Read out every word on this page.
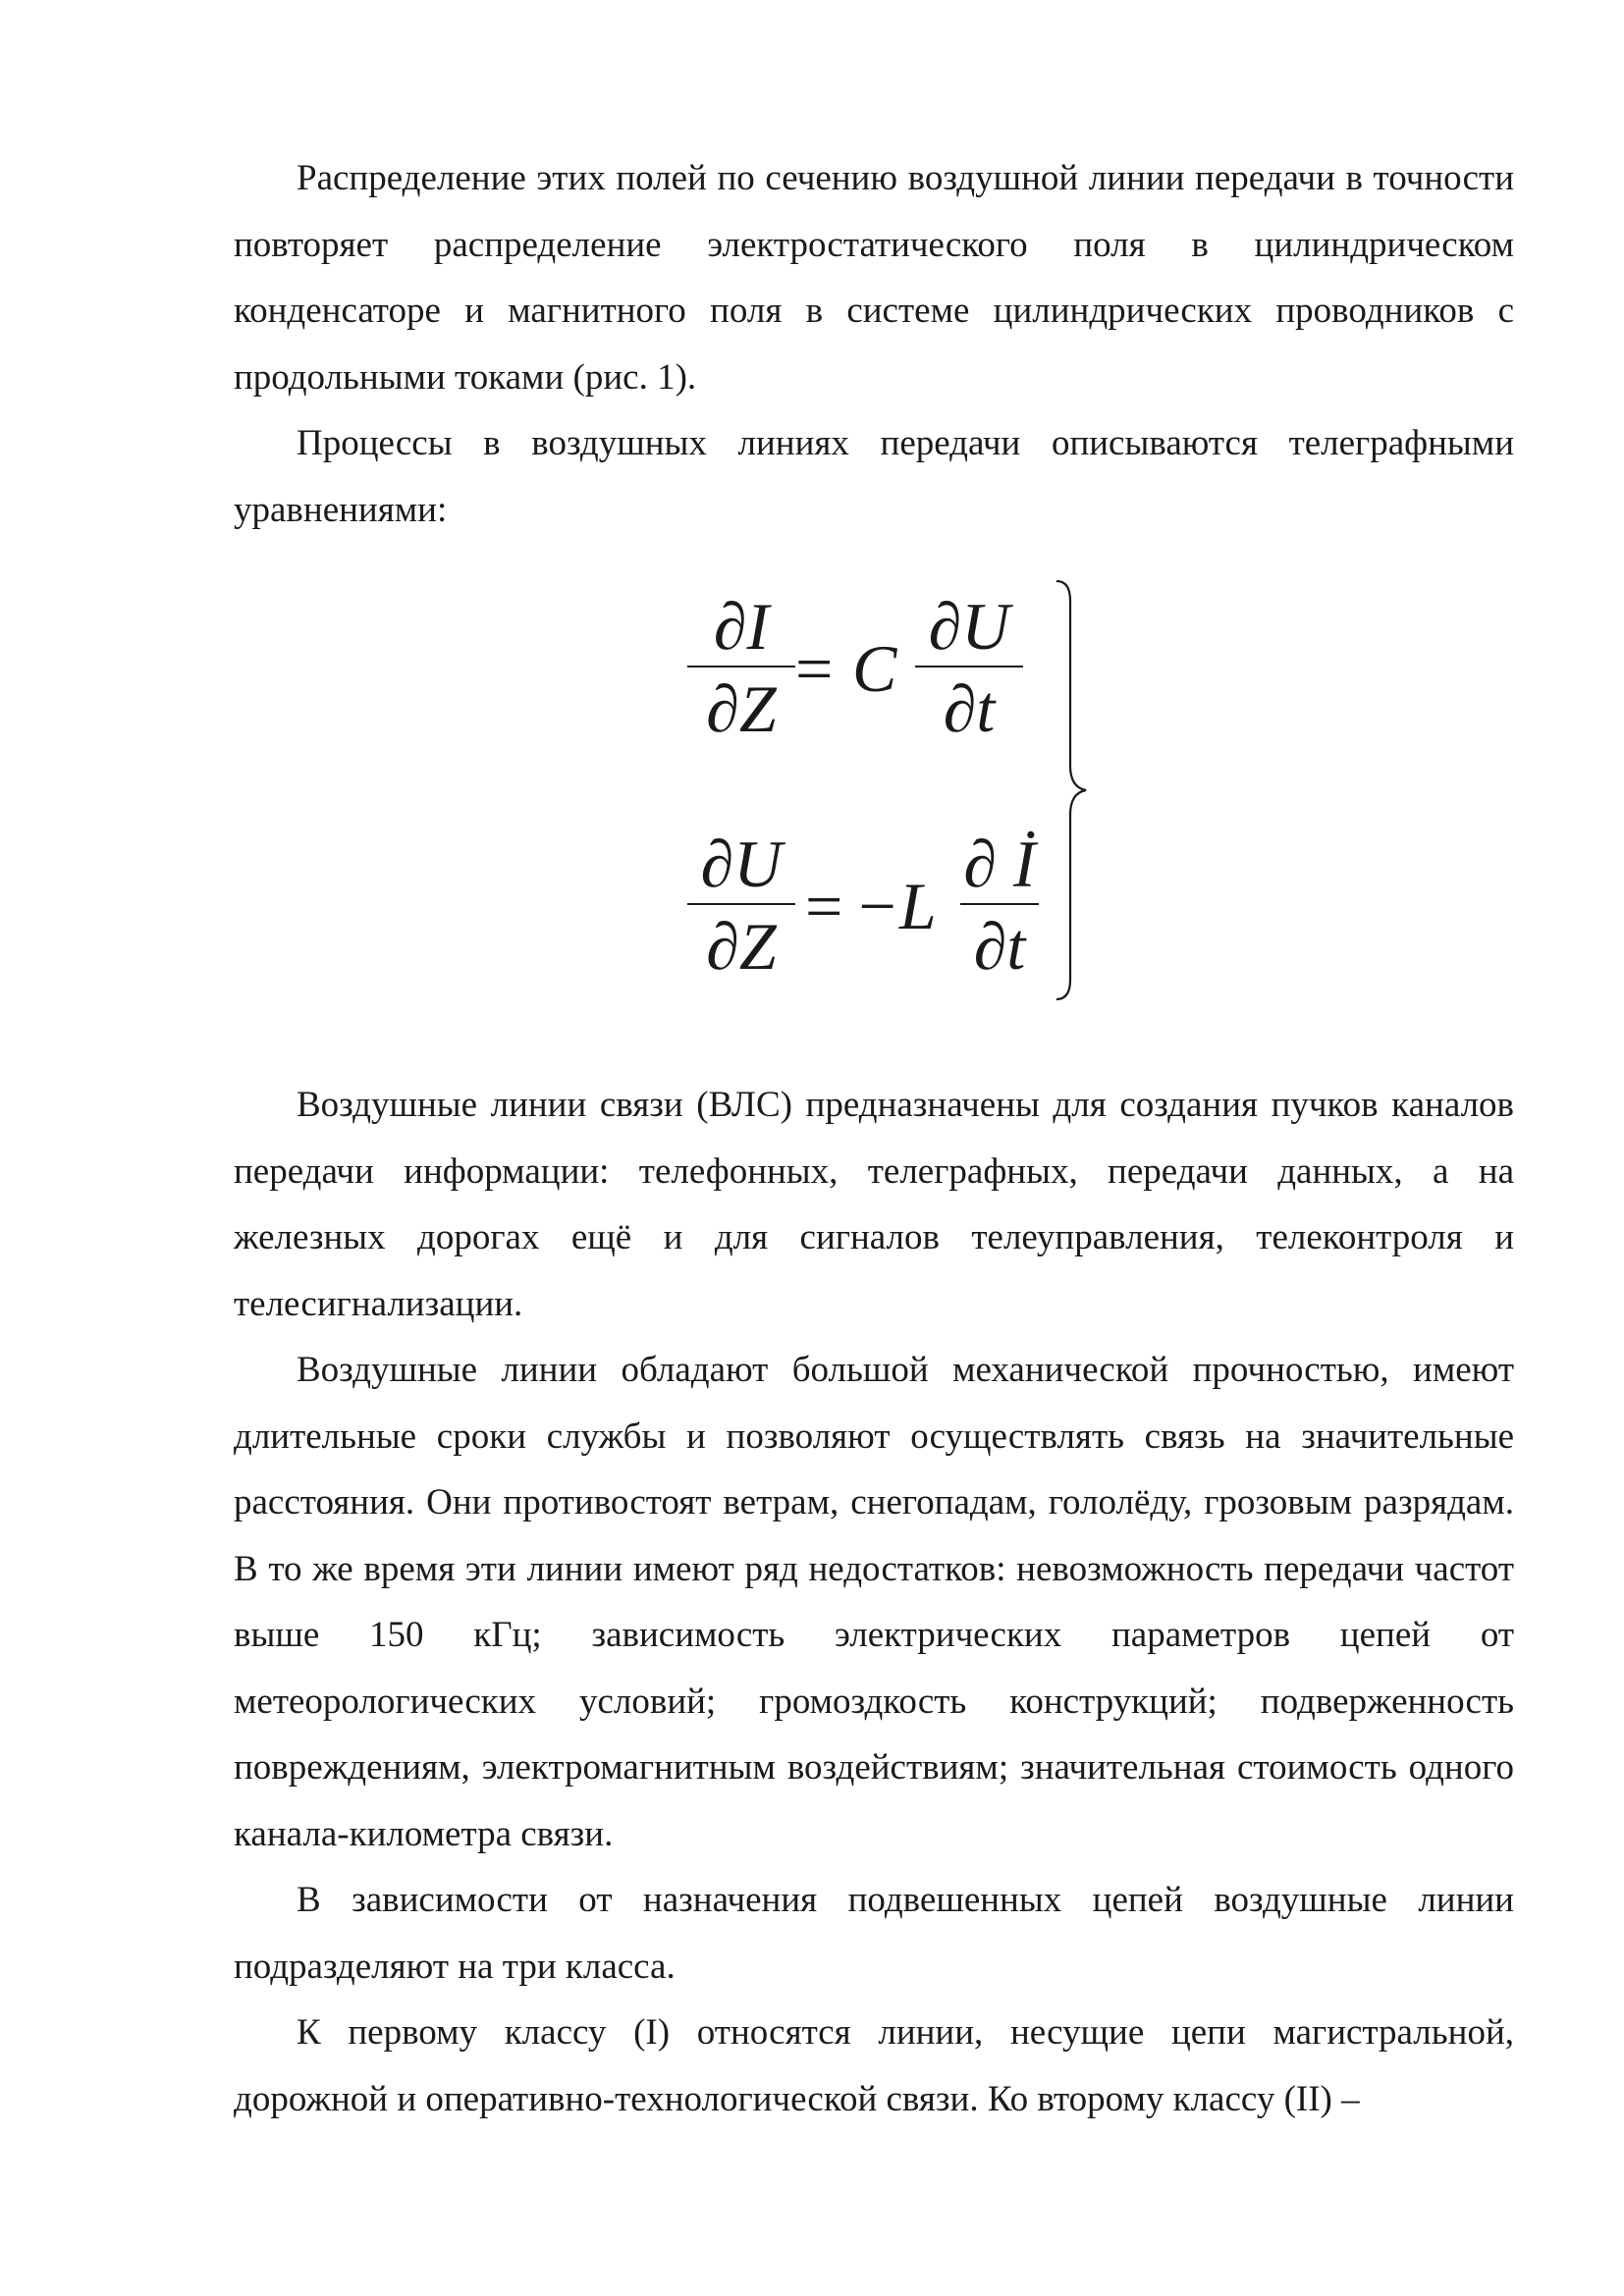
Распределение этих полей по сечению воздушной линии передачи в точности повторяет распределение электростатического поля в цилиндрическом конденсаторе и магнитного поля в системе цилиндрических проводников с продольными токами (рис. 1).

Процессы в воздушных линиях передачи описываются телеграфными уравнениями:

∂I
∂Z
= C
∂U
∂t
∂U
∂Z
= −L
∂ İ
∂t

Воздушные линии связи (ВЛС) предназначены для создания пучков каналов передачи информации: телефонных, телеграфных, передачи данных, а на железных дорогах ещё и для сигналов телеуправления, телеконтроля и телесигнализации.

Воздушные линии обладают большой механической прочностью, имеют длительные сроки службы и позволяют осуществлять связь на значительные расстояния. Они противостоят ветрам, снегопадам, гололёду, грозовым разрядам. В то же время эти линии имеют ряд недостатков: невозможность передачи частот выше 150 кГц; зависимость электрических параметров цепей от метеорологических условий; громоздкость конструкций; подверженность повреждениям, электромагнитным воздействиям; значительная стоимость одного канала-километра связи.

В зависимости от назначения подвешенных цепей воздушные линии подразделяют на три класса.

К первому классу (I) относятся линии, несущие цепи магистральной, дорожной и оперативно-технологической связи. Ко второму классу (II) –
